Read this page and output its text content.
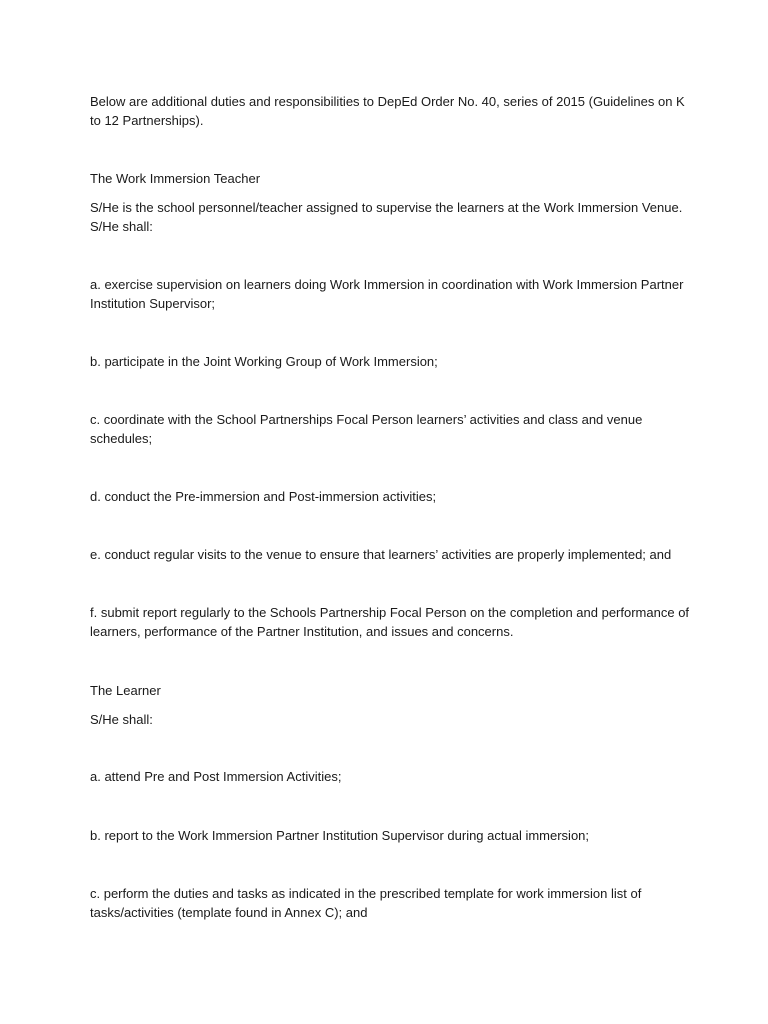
Below are additional duties and responsibilities to DepEd Order No. 40, series of 2015 (Guidelines on K to 12 Partnerships).

The Work Immersion Teacher

S/He is the school personnel/teacher assigned to supervise the learners at the Work Immersion Venue. S/He shall:

a. exercise supervision on learners doing Work Immersion in coordination with Work Immersion Partner Institution Supervisor;

b. participate in the Joint Working Group of Work Immersion;

c. coordinate with the School Partnerships Focal Person learners’ activities and class and venue schedules;

d. conduct the Pre-immersion and Post-immersion activities;

e. conduct regular visits to the venue to ensure that learners’ activities are properly implemented; and

f. submit report regularly to the Schools Partnership Focal Person on the completion and performance of learners, performance of the Partner Institution, and issues and concerns.

The Learner

S/He shall:

a. attend Pre and Post Immersion Activities;

b. report to the Work Immersion Partner Institution Supervisor during actual immersion;

c. perform the duties and tasks as indicated in the prescribed template for work immersion list of tasks/activities (template found in Annex C); and
